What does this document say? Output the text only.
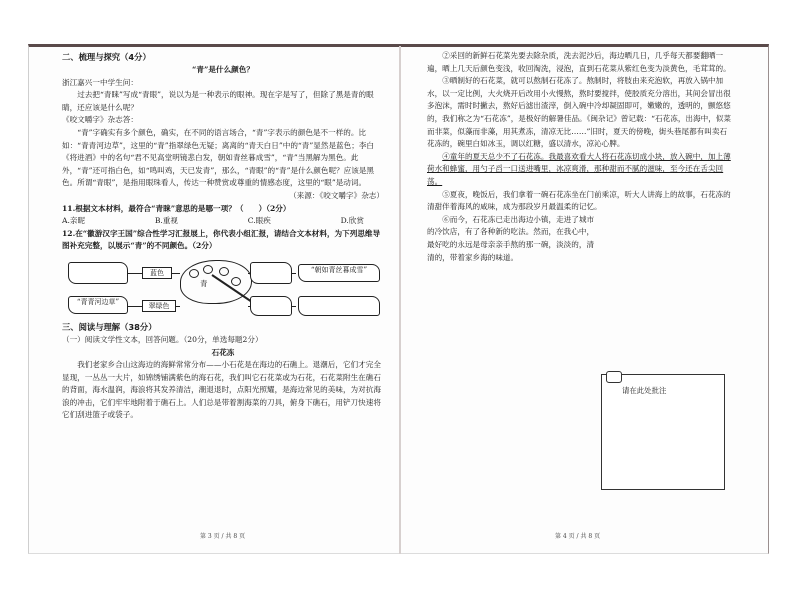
二、梳理与探究（4分）
“青”是什么颜色？
浙江嘉兴一中学生问：
过去把“青睐”写成“青眼”，说以为是一种表示的眼神。现在字是写了，但除了黑是青的眼睛，还应该是什么呢？
《咬文嚼字》杂志答：
“青”字确实有多个颜色，确实，在不同的语言场合，“青”字表示的颜色是不一样的。比如：“青青河边草”，这里的“青”指翠绿色无疑；离离的“青天白日”中的“青”显然是蓝色；李白《将进酒》中的名句“君不见高堂明镜悲白发，朝如青丝暮成雪”，“青”当黑解为黑色。此外，“青”还可指白色，如“鸣叫鸡，天已发青”，那么，“青眼”的“青”是什么颜色呢？应该是黑色。所谓“青眼”，是指用眼珠看人，传达一种赞赏或尊重的情感态度，这里的“眼”是动词。
（来源：《咬文嚼字》杂志）
11.根据文本材料，最符合“青睐”意思的是哪一项？（　　）（2分）
A.亲昵	B.重视	C.眼疾	D.欣赏
12.在“徽游汉字王国”综合性学习汇报展上，你代表小组汇报，请结合文本材料，为下列思维导图补充完整，以展示“青”的不同颜色。（2分）
蓝色
青
“朝如青丝暮成雪”
“青青河边草”	翠绿色
三、阅读与理解（38分）
（一）阅读文学性文本，回答问题。（20分，单选每题2分）
石花冻
我们老家乡合山这海边的海鲜常常分布——小石花是在海边的石礁上。退潮后，它们才完全显现，一丛丛一大片，如锦绣铺满紫色的海石花，我们叫它石花菜或为石花，石花菜附生在礁石的背面，海水温润，海浪将其发养清洁，潮退退时，点阳光照耀，是海边常见的美味，为对抗海浪的冲击，它们牢牢地附着于礁石上。人们总是带着割海菜的刀具，俯身下礁石，用铲刀快速将它们刮进篮子或袋子。
第 3 页 / 共 8 页
②采回的新鲜石花菜先要去除杂质，洗去泥沙后，海边晒几日，几乎每天都要翻晒一遍，晒上几天后颜色变浅，收回淘洗，浸泡，直到石花菜从紫红色变为淡黄色，毛茸茸的。
③晒制好的石花菜，就可以熬制石花冻了。熬制时，将肢由来充泡软，再放入锅中加水，以一定比例，大火烧开后改用小火慢熬，熬时要搅拌，使胶质充分溶出，其间会冒出很多泡沫，需时时撇去，熬好后滤出渣滓，倒入碗中冷却凝固即可，嫩嫩的，透明的，颤悠悠的，我们称之为“石花冻”，是极好的解暑佳品。《闽杂记》曾记载：“石花冻，出海中，似菜而非菜，似藻而非藻，用其煮冻，清凉无比……”旧时，夏天的傍晚，街头巷尾都有叫卖石花冻的，碗里白如冰玉，调以红糖，盛以清水，凉沁心脾。
④童年的夏天总少不了石花冻。我最喜欢看大人将石花冻切成小块，放入碗中，加上薄荷水和蜂蜜，用勺子舀一口送进嘴里，冰凉爽滑，那种甜而不腻的滋味，至今还在舌尖回荡。
⑤夏夜，晚饭后，我们拿着一碗石花冻坐在门前乘凉，听大人讲海上的故事，石花冻的清甜伴着海风的咸味，成为那段岁月最温柔的记忆。
⑥而今，石花冻已走出海边小镇，走进了城市的冷饮店，有了各种新的吃法。然而，在我心中，最好吃的永远是母亲亲手熬的那一碗，淡淡的，清清的，带着家乡海的味道。
请在此处批注
第 4 页 / 共 8 页
